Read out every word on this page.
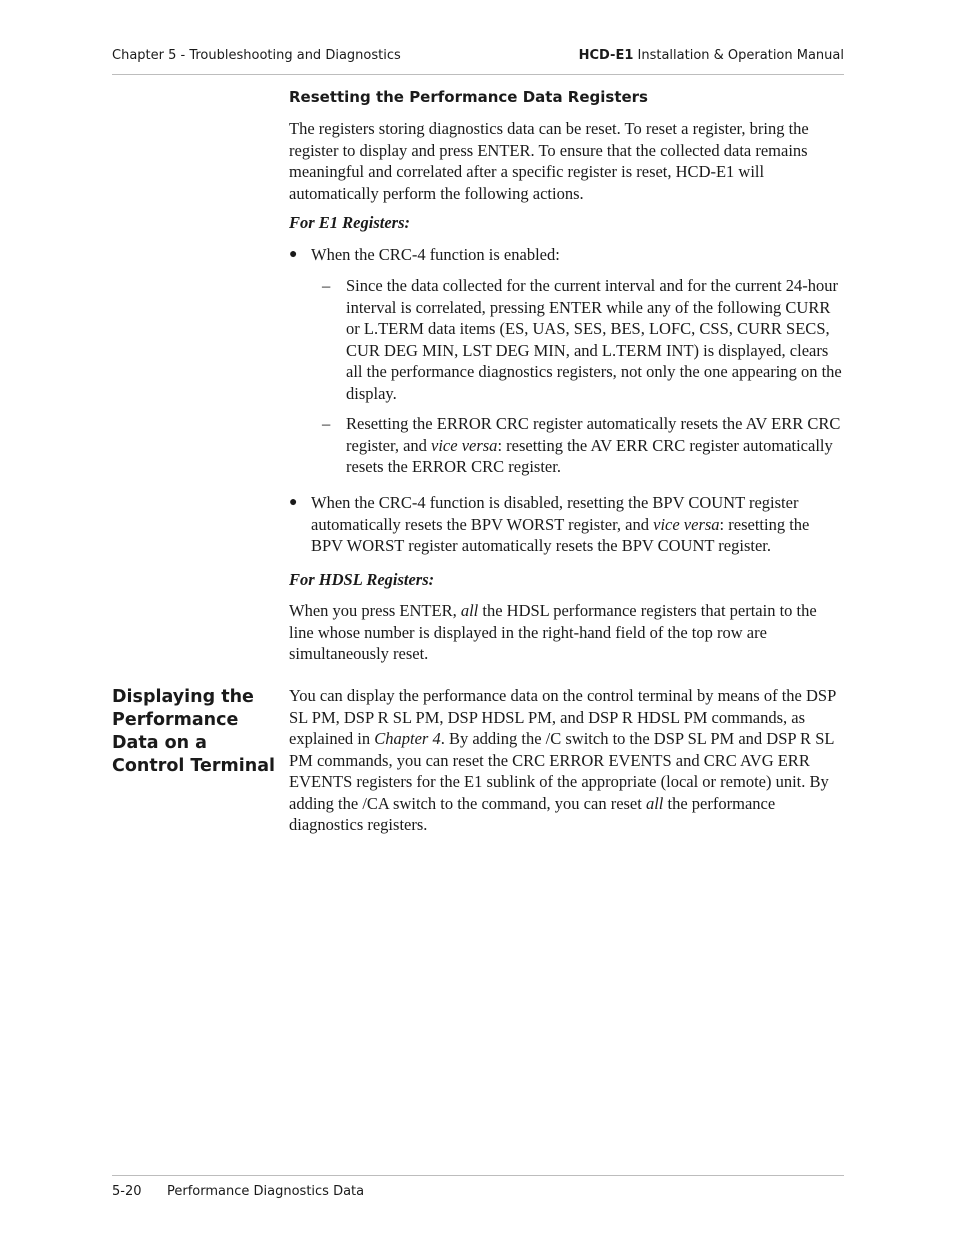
Chapter 5 - Troubleshooting and Diagnostics	HCD-E1 Installation & Operation Manual
Resetting the Performance Data Registers

The registers storing diagnostics data can be reset. To reset a register, bring the register to display and press ENTER. To ensure that the collected data remains meaningful and correlated after a specific register is reset, HCD-E1 will automatically perform the following actions.

For E1 Registers:

● When the CRC-4 function is enabled:
– Since the data collected for the current interval and for the current 24-hour interval is correlated, pressing ENTER while any of the following CURR or L.TERM data items (ES, UAS, SES, BES, LOFC, CSS, CURR SECS, CUR DEG MIN, LST DEG MIN, and L.TERM INT) is displayed, clears all the performance diagnostics registers, not only the one appearing on the display.
– Resetting the ERROR CRC register automatically resets the AV ERR CRC register, and vice versa: resetting the AV ERR CRC register automatically resets the ERROR CRC register.
● When the CRC-4 function is disabled, resetting the BPV COUNT register automatically resets the BPV WORST register, and vice versa: resetting the BPV WORST register automatically resets the BPV COUNT register.

For HDSL Registers:

When you press ENTER, all the HDSL performance registers that pertain to the line whose number is displayed in the right-hand field of the top row are simultaneously reset.

Displaying the Performance Data on a Control Terminal

You can display the performance data on the control terminal by means of the DSP SL PM, DSP R SL PM, DSP HDSL PM, and DSP R HDSL PM commands, as explained in Chapter 4. By adding the /C switch to the DSP SL PM and DSP R SL PM commands, you can reset the CRC ERROR EVENTS and CRC AVG ERR EVENTS registers for the E1 sublink of the appropriate (local or remote) unit. By adding the /CA switch to the command, you can reset all the performance diagnostics registers.

5-20 Performance Diagnostics Data
